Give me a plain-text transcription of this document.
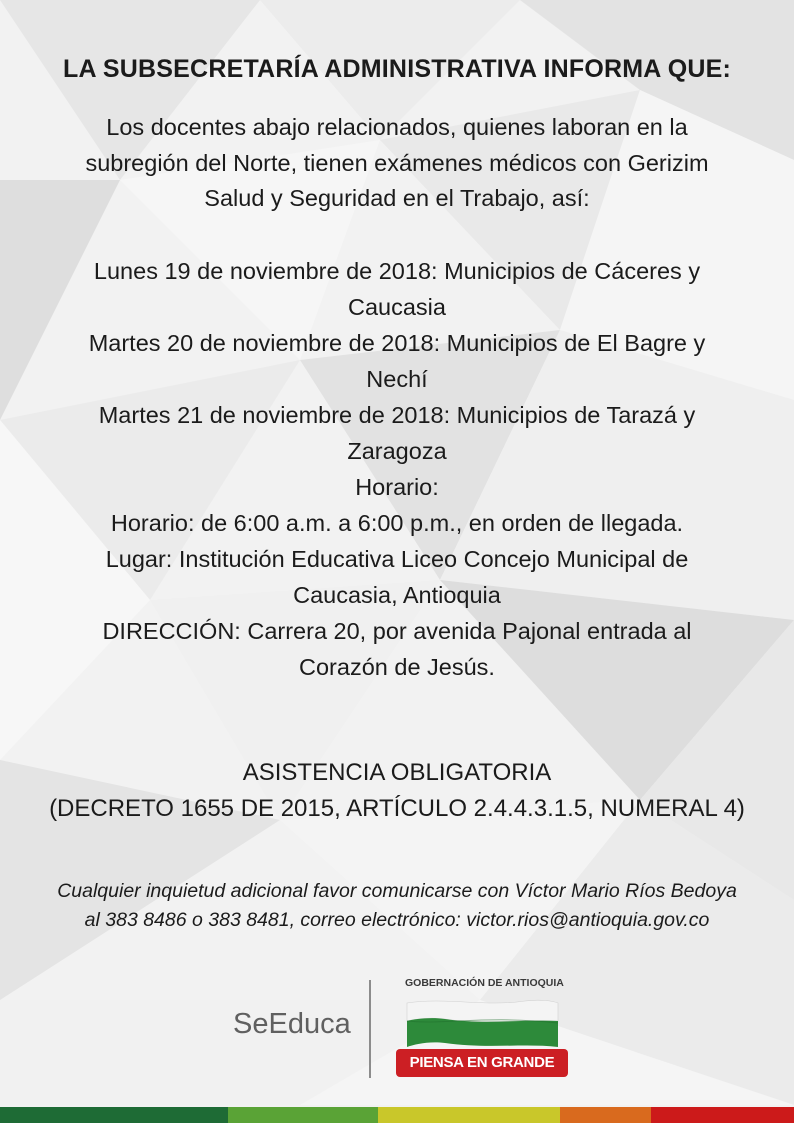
LA SUBSECRETARÍA ADMINISTRATIVA INFORMA QUE:
Los docentes abajo relacionados, quienes laboran en la
subregión del Norte, tienen exámenes médicos con Gerizim
Salud y Seguridad en el Trabajo, así:
Lunes 19 de noviembre de 2018: Municipios de Cáceres y
Caucasia
Martes 20 de noviembre de 2018: Municipios de El Bagre y
Nechí
Martes 21 de noviembre de 2018: Municipios de Tarazá y
Zaragoza
Horario:
Horario: de 6:00 a.m. a 6:00 p.m., en orden de llegada.
Lugar: Institución Educativa Liceo Concejo Municipal de
Caucasia, Antioquia
DIRECCIÓN: Carrera 20, por avenida Pajonal entrada al
Corazón de Jesús.
ASISTENCIA OBLIGATORIA
(DECRETO 1655 DE 2015, ARTÍCULO 2.4.4.3.1.5, NUMERAL 4)
Cualquier inquietud adicional favor comunicarse con Víctor Mario Ríos Bedoya
al 383 8486 o 383 8481, correo electrónico: victor.rios@antioquia.gov.co
SeEduca
GOBERNACIÓN DE ANTIOQUIA
PIENSA EN GRANDE
